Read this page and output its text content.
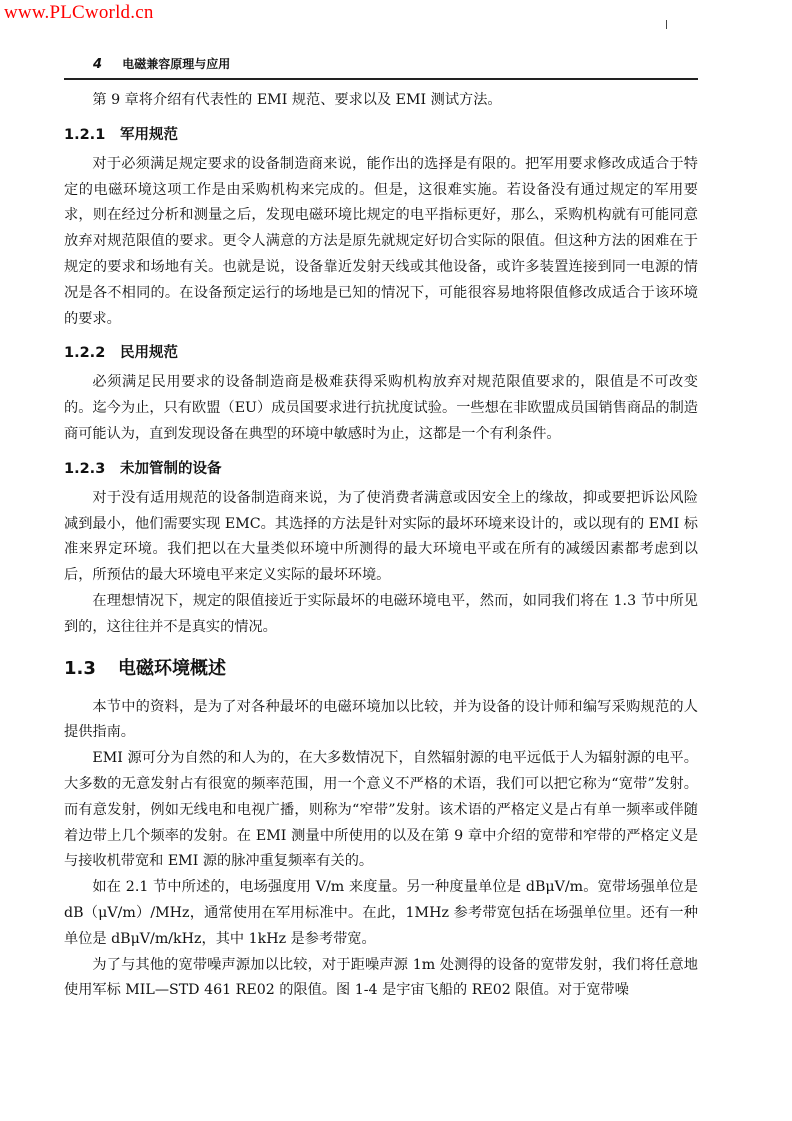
www.PLCworld.cn
4 电磁兼容原理与应用

第 9 章将介绍有代表性的 EMI 规范、要求以及 EMI 测试方法。

1.2.1 军用规范

对于必须满足规定要求的设备制造商来说，能作出的选择是有限的。把军用要求修改成适合于特定的电磁环境这项工作是由采购机构来完成的。但是，这很难实施。若设备没有通过规定的军用要求，则在经过分析和测量之后，发现电磁环境比规定的电平指标更好，那么，采购机构就有可能同意放弃对规范限值的要求。更令人满意的方法是原先就规定好切合实际的限值。但这种方法的困难在于规定的要求和场地有关。也就是说，设备靠近发射天线或其他设备，或许多装置连接到同一电源的情况是各不相同的。在设备预定运行的场地是已知的情况下，可能很容易地将限值修改成适合于该环境的要求。

1.2.2 民用规范

必须满足民用要求的设备制造商是极难获得采购机构放弃对规范限值要求的，限值是不可改变的。迄今为止，只有欧盟（EU）成员国要求进行抗扰度试验。一些想在非欧盟成员国销售商品的制造商可能认为，直到发现设备在典型的环境中敏感时为止，这都是一个有利条件。

1.2.3 未加管制的设备

对于没有适用规范的设备制造商来说，为了使消费者满意或因安全上的缘故，抑或要把诉讼风险减到最小，他们需要实现 EMC。其选择的方法是针对实际的最坏环境来设计的，或以现有的 EMI 标准来界定环境。我们把以在大量类似环境中所测得的最大环境电平或在所有的减缓因素都考虑到以后，所预估的最大环境电平来定义实际的最坏环境。

在理想情况下，规定的限值接近于实际最坏的电磁环境电平，然而，如同我们将在 1.3 节中所见到的，这往往并不是真实的情况。

1.3 电磁环境概述

本节中的资料，是为了对各种最坏的电磁环境加以比较，并为设备的设计师和编写采购规范的人提供指南。

EMI 源可分为自然的和人为的，在大多数情况下，自然辐射源的电平远低于人为辐射源的电平。大多数的无意发射占有很宽的频率范围，用一个意义不严格的术语，我们可以把它称为“宽带”发射。而有意发射，例如无线电和电视广播，则称为“窄带”发射。该术语的严格定义是占有单一频率或伴随着边带上几个频率的发射。在 EMI 测量中所使用的以及在第 9 章中介绍的宽带和窄带的严格定义是与接收机带宽和 EMI 源的脉冲重复频率有关的。

如在 2.1 节中所述的，电场强度用 V/m 来度量。另一种度量单位是 dBμV/m。宽带场强单位是 dB（μV/m）/MHz，通常使用在军用标准中。在此，1MHz 参考带宽包括在场强单位里。还有一种单位是 dBμV/m/kHz，其中 1kHz 是参考带宽。

为了与其他的宽带噪声源加以比较，对于距噪声源 1m 处测得的设备的宽带发射，我们将任意地使用军标 MIL—STD 461 RE02 的限值。图 1-4 是宇宙飞船的 RE02 限值。对于宽带噪
